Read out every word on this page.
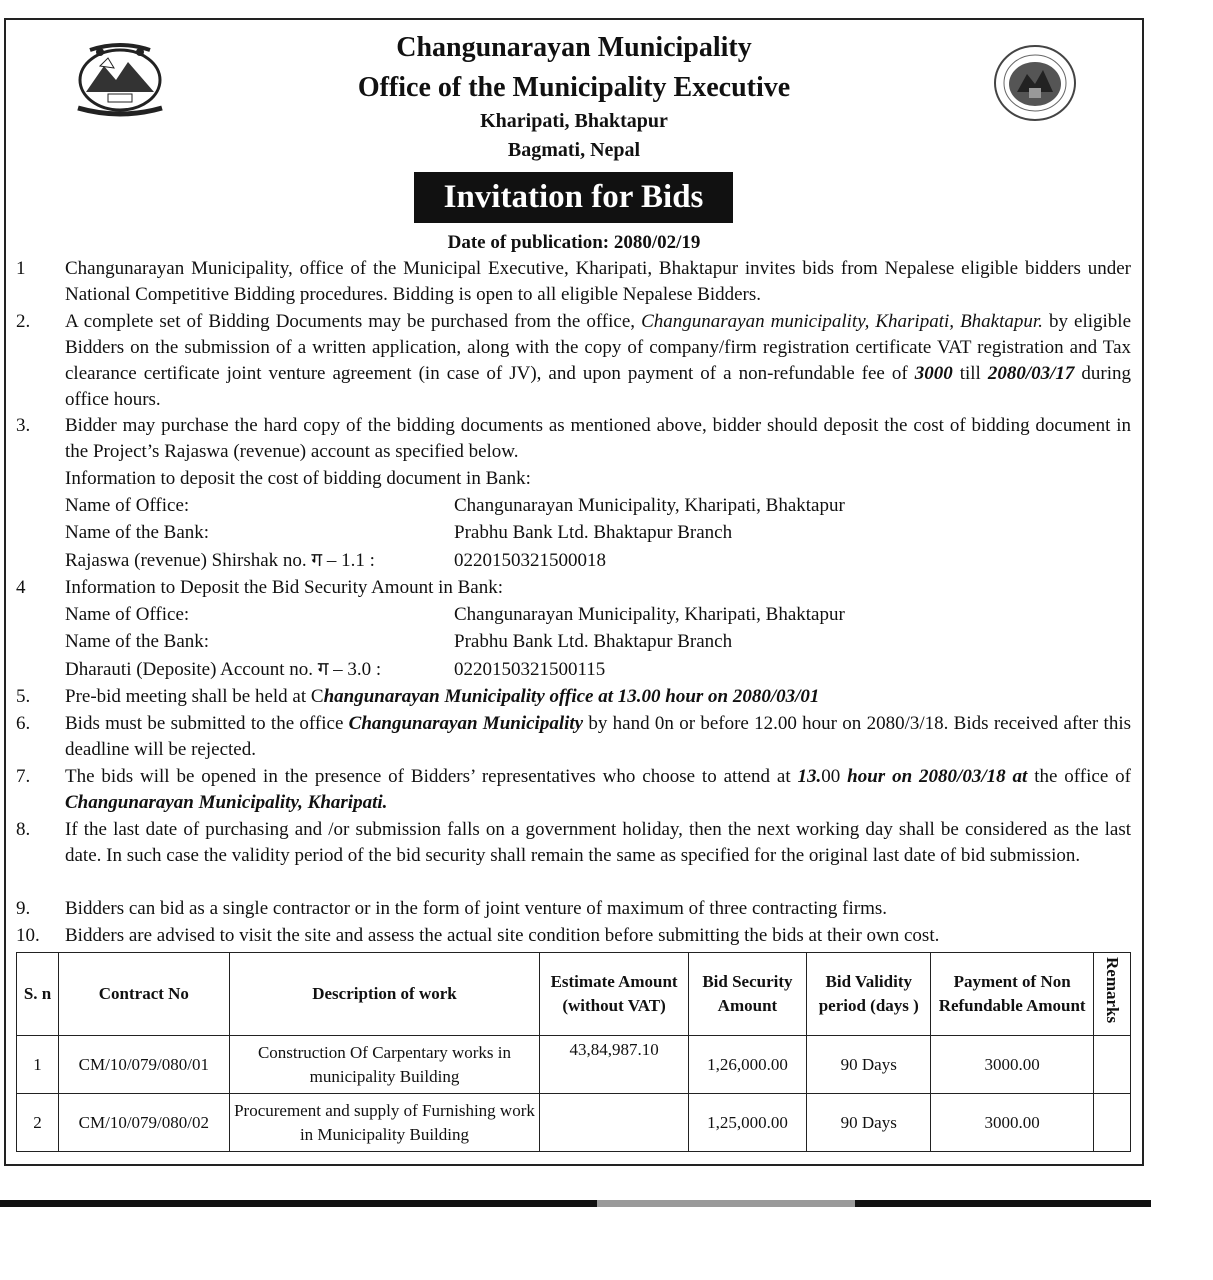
Changunarayan Municipality
Office of the Municipality Executive
Kharipati, Bhaktapur
Bagmati, Nepal
Invitation for Bids
Date of publication: 2080/02/19
1	Changunarayan Municipality, office of the Municipal Executive, Kharipati, Bhaktapur invites bids from Nepalese eligible bidders under National Competitive Bidding procedures. Bidding is open to all eligible Nepalese Bidders.
2.	A complete set of Bidding Documents may be purchased from the office, Changunarayan municipality, Kharipati, Bhaktapur. by eligible Bidders on the submission of a written application, along with the copy of company/firm registration certificate VAT registration and Tax clearance certificate joint venture agreement (in case of JV), and upon payment of a non-refundable fee of 3000 till 2080/03/17 during office hours.
3.	Bidder may purchase the hard copy of the bidding documents as mentioned above, bidder should deposit the cost of bidding document in the Project’s Rajaswa (revenue) account as specified below.
Information to deposit the cost of bidding document in Bank:
Name of Office:	Changunarayan Municipality, Kharipati, Bhaktapur
Name of the Bank:	Prabhu Bank Ltd. Bhaktapur Branch
Rajaswa (revenue) Shirshak no. ग – 1.1 :	0220150321500018
4	Information to Deposit the Bid Security Amount in Bank:
Name of Office:	Changunarayan Municipality, Kharipati, Bhaktapur
Name of the Bank:	Prabhu Bank Ltd. Bhaktapur Branch
Dharauti (Deposite) Account no. ग – 3.0 :	0220150321500115
5.	Pre-bid meeting shall be held at Changunarayan Municipality office at 13.00 hour on 2080/03/01
6.	Bids must be submitted to the office Changunarayan Municipality by hand 0n or before 12.00 hour on 2080/3/18. Bids received after this deadline will be rejected.
7.	The bids will be opened in the presence of Bidders’ representatives who choose to attend at 13.00 hour on 2080/03/18 at the office of Changunarayan Municipality, Kharipati.
8.	If the last date of purchasing and /or submission falls on a government holiday, then the next working day shall be considered as the last date. In such case the validity period of the bid security shall remain the same as specified for the original last date of bid submission.
9.	Bidders can bid as a single contractor or in the form of joint venture of maximum of three contracting firms.
10.	Bidders are advised to visit the site and assess the actual site condition before submitting the bids at their own cost.
S. n	Contract No	Description of work	Estimate Amount (without VAT)	Bid Security Amount	Bid Validity period (days )	Payment of Non Refundable Amount	Remarks
1	CM/10/079/080/01	Construction Of Carpentary works in municipality Building	43,84,987.10	1,26,000.00	90 Days	3000.00	
2	CM/10/079/080/02	Procurement and supply of Furnishing work in Municipality Building		1,25,000.00	90 Days	3000.00	
